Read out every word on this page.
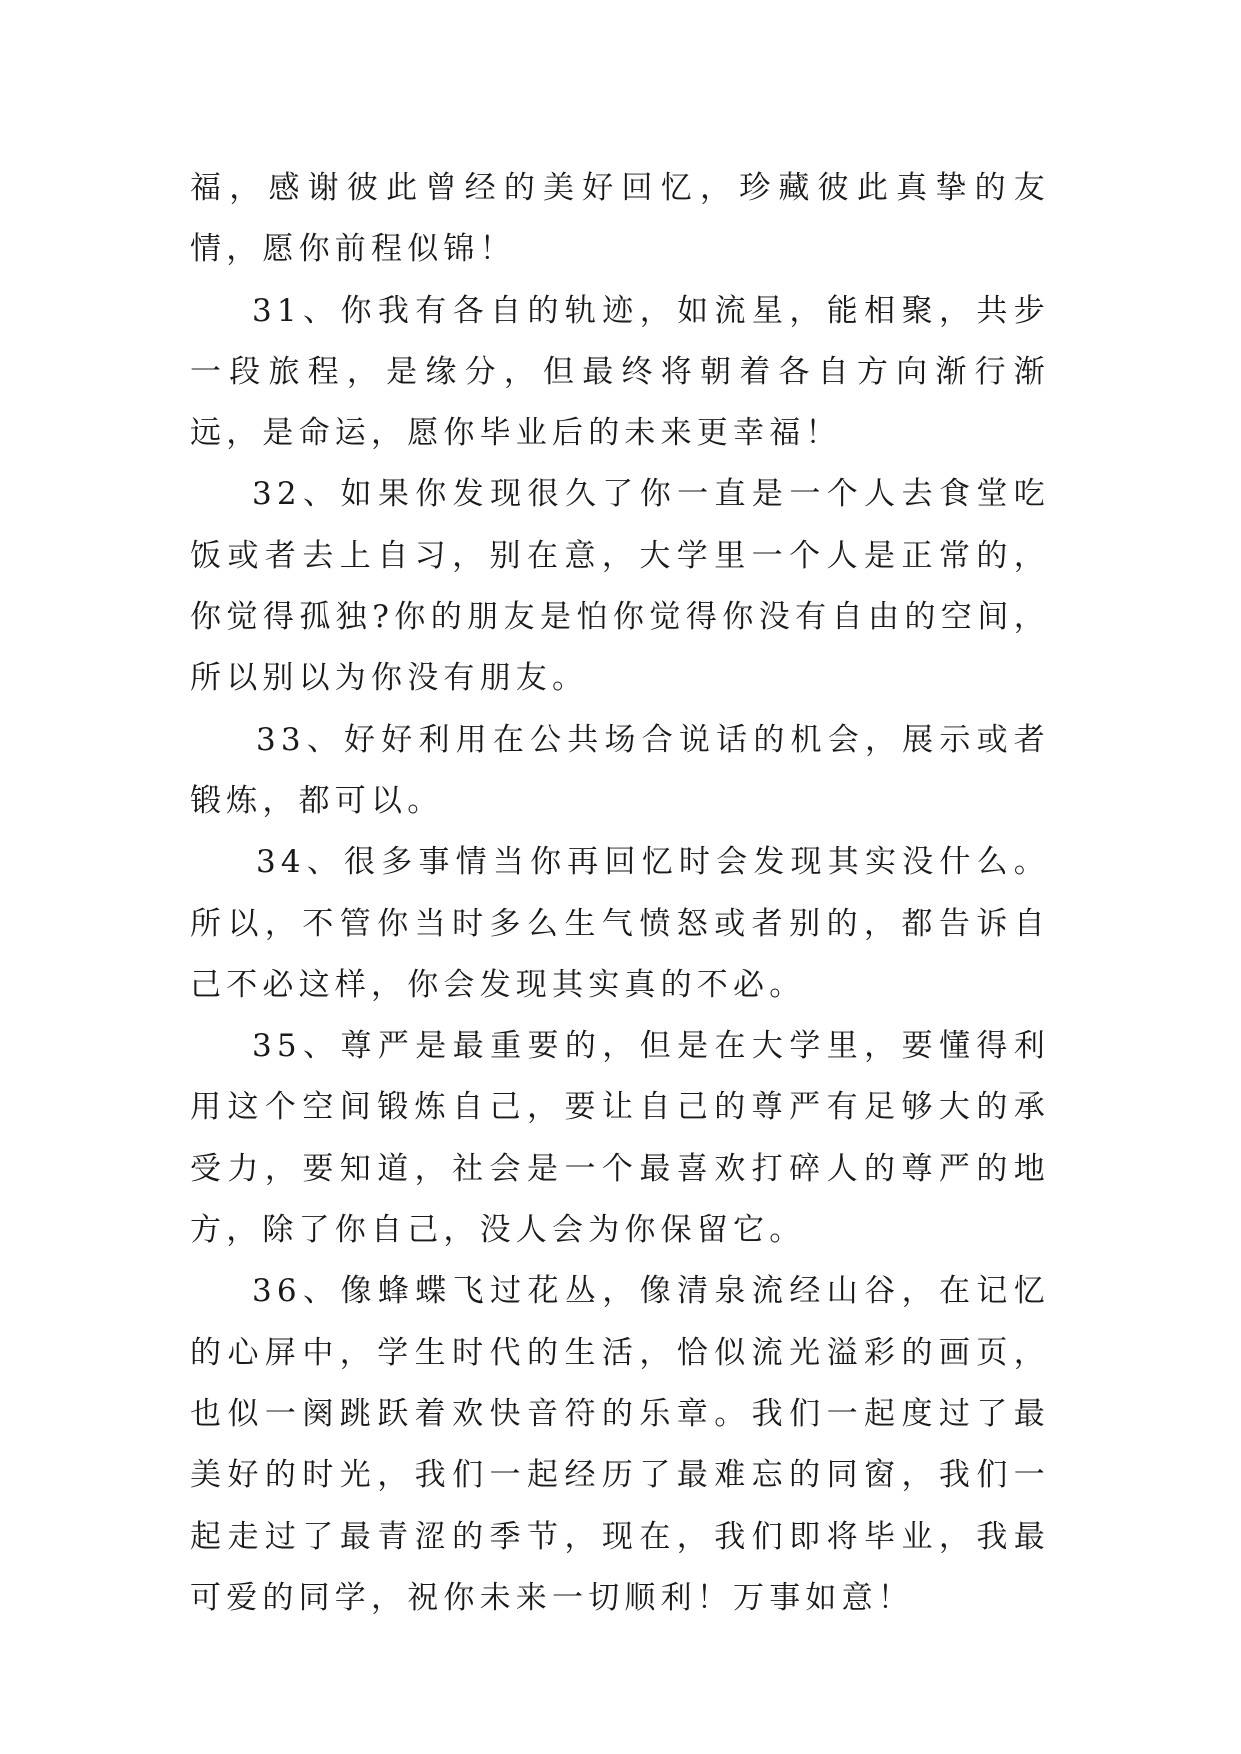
福，感谢彼此曾经的美好回忆，珍藏彼此真挚的友情，愿你前程似锦！

31、你我有各自的轨迹，如流星，能相聚，共步一段旅程，是缘分，但最终将朝着各自方向渐行渐远，是命运，愿你毕业后的未来更幸福！

32、如果你发现很久了你一直是一个人去食堂吃饭或者去上自习，别在意，大学里一个人是正常的，你觉得孤独?你的朋友是怕你觉得你没有自由的空间，所以别以为你没有朋友。

33、好好利用在公共场合说话的机会，展示或者锻炼，都可以。

34、很多事情当你再回忆时会发现其实没什么。所以，不管你当时多么生气愤怒或者别的，都告诉自己不必这样，你会发现其实真的不必。

35、尊严是最重要的，但是在大学里，要懂得利用这个空间锻炼自己，要让自己的尊严有足够大的承受力，要知道，社会是一个最喜欢打碎人的尊严的地方，除了你自己，没人会为你保留它。

36、像蜂蝶飞过花丛，像清泉流经山谷，在记忆的心屏中，学生时代的生活，恰似流光溢彩的画页，也似一阕跳跃着欢快音符的乐章。我们一起度过了最美好的时光，我们一起经历了最难忘的同窗，我们一起走过了最青涩的季节，现在，我们即将毕业，我最可爱的同学，祝你未来一切顺利！万事如意！
